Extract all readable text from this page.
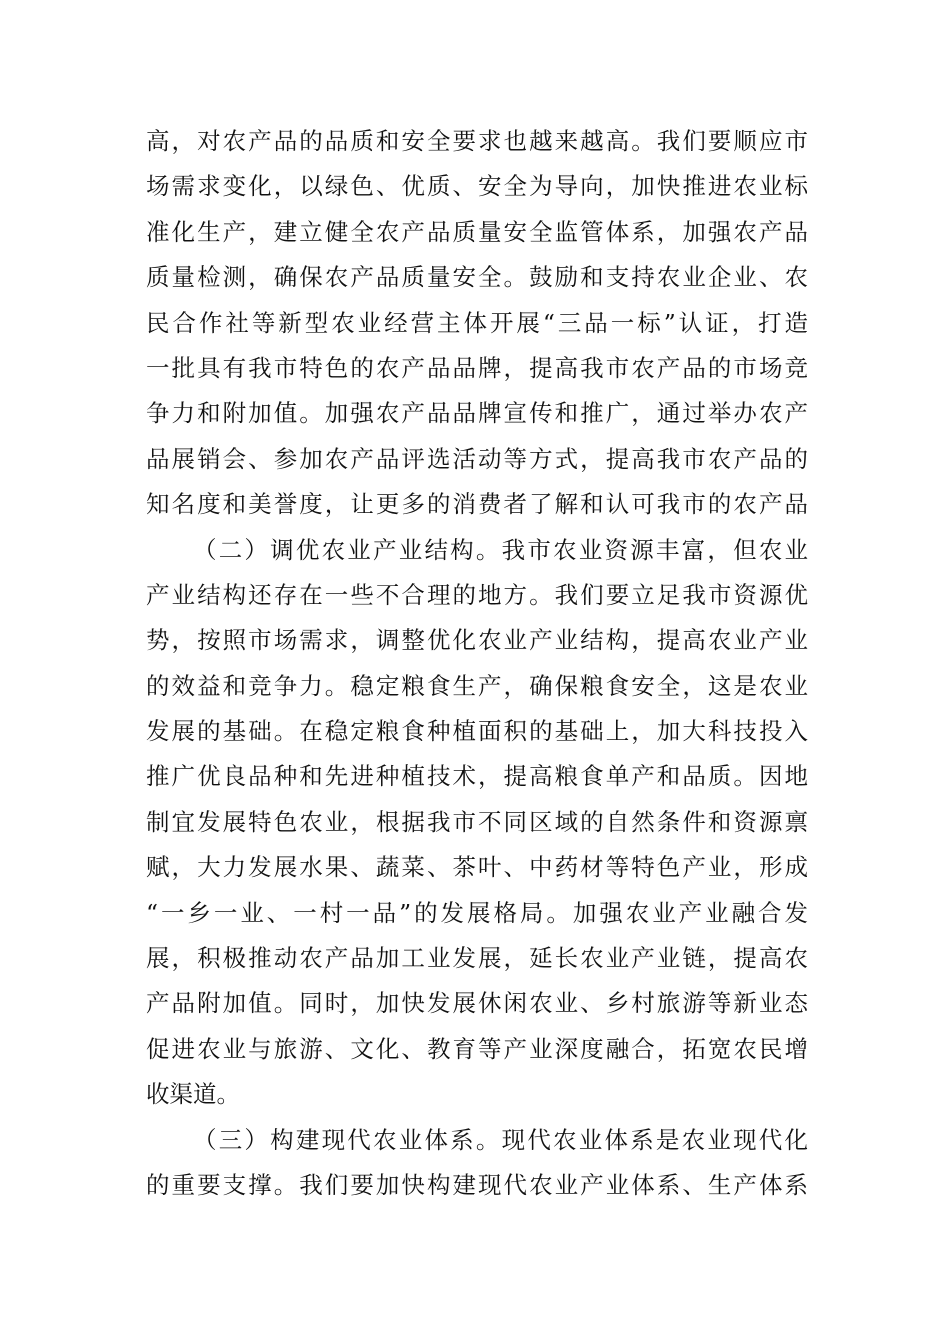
高，对农产品的品质和安全要求也越来越高。我们要顺应市
场需求变化，以绿色、优质、安全为导向，加快推进农业标
准化生产，建立健全农产品质量安全监管体系，加强农产品
质量检测，确保农产品质量安全。鼓励和支持农业企业、农
民合作社等新型农业经营主体开展“三品一标”认证，打造
一批具有我市特色的农产品品牌，提高我市农产品的市场竞
争力和附加值。加强农产品品牌宣传和推广，通过举办农产
品展销会、参加农产品评选活动等方式，提高我市农产品的
知名度和美誉度，让更多的消费者了解和认可我市的农产品
（二）调优农业产业结构。我市农业资源丰富，但农业
产业结构还存在一些不合理的地方。我们要立足我市资源优
势，按照市场需求，调整优化农业产业结构，提高农业产业
的效益和竞争力。稳定粮食生产，确保粮食安全，这是农业
发展的基础。在稳定粮食种植面积的基础上，加大科技投入
推广优良品种和先进种植技术，提高粮食单产和品质。因地
制宜发展特色农业，根据我市不同区域的自然条件和资源禀
赋，大力发展水果、蔬菜、茶叶、中药材等特色产业，形成
“一乡一业、一村一品”的发展格局。加强农业产业融合发
展，积极推动农产品加工业发展，延长农业产业链，提高农
产品附加值。同时，加快发展休闲农业、乡村旅游等新业态
促进农业与旅游、文化、教育等产业深度融合，拓宽农民增
收渠道。
（三）构建现代农业体系。现代农业体系是农业现代化
的重要支撑。我们要加快构建现代农业产业体系、生产体系
